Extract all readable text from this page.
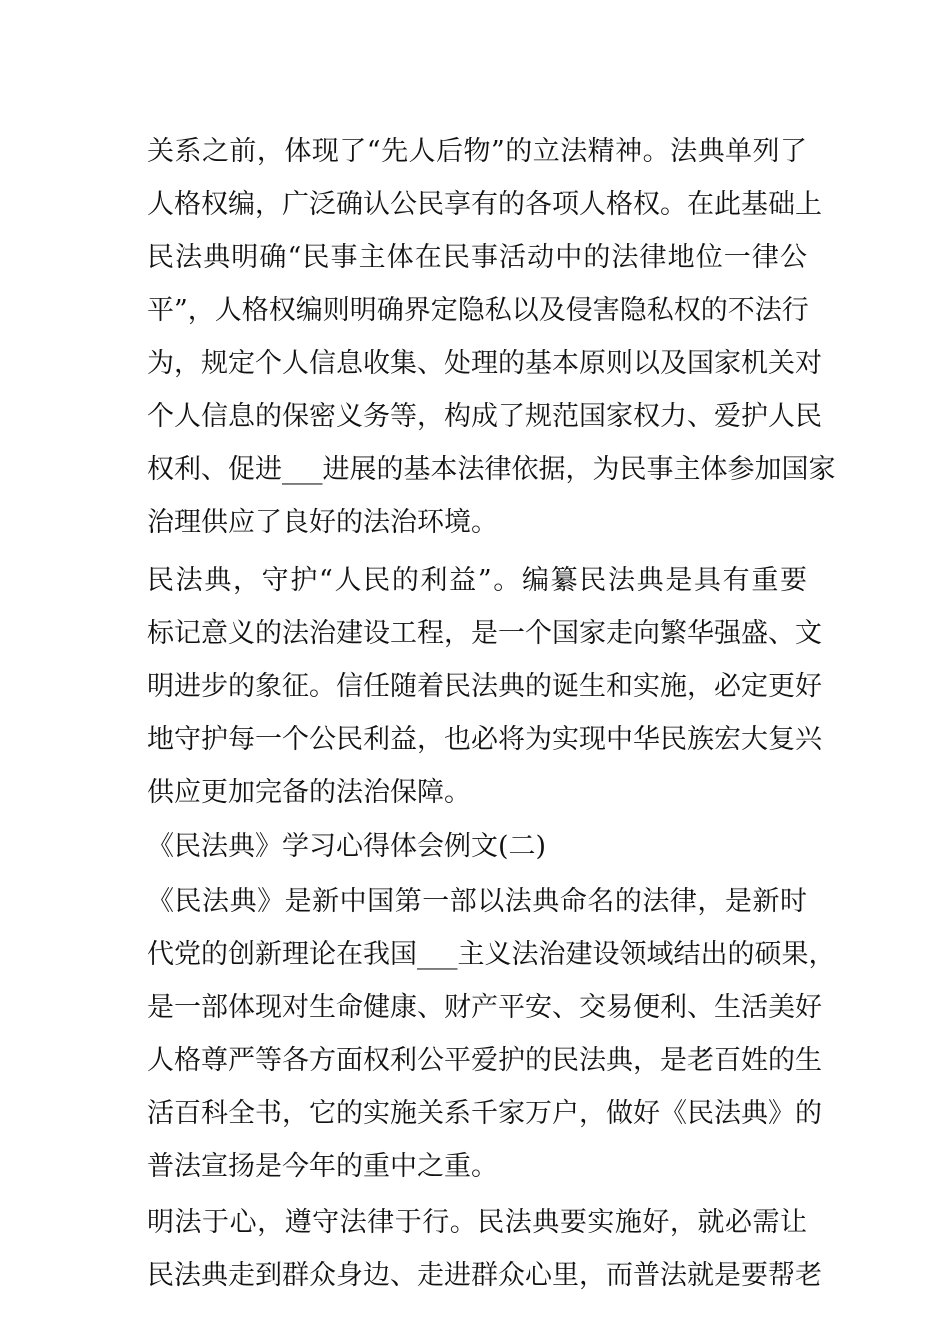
关系之前，体现了“先人后物”的立法精神。法典单列了
人格权编，广泛确认公民享有的各项人格权。在此基础上
民法典明确“民事主体在民事活动中的法律地位一律公
平”，人格权编则明确界定隐私以及侵害隐私权的不法行
为，规定个人信息收集、处理的基本原则以及国家机关对
个人信息的保密义务等，构成了规范国家权力、爱护人民
权利、促进___进展的基本法律依据，为民事主体参加国家
治理供应了良好的法治环境。
民法典，守护“人民的利益”。编纂民法典是具有重要
标记意义的法治建设工程，是一个国家走向繁华强盛、文
明进步的象征。信任随着民法典的诞生和实施，必定更好
地守护每一个公民利益，也必将为实现中华民族宏大复兴
供应更加完备的法治保障。
《民法典》学习心得体会例文(二)
《民法典》是新中国第一部以法典命名的法律，是新时
代党的创新理论在我国___主义法治建设领域结出的硕果，
是一部体现对生命健康、财产平安、交易便利、生活美好
人格尊严等各方面权利公平爱护的民法典，是老百姓的生
活百科全书，它的实施关系千家万户，做好《民法典》的
普法宣扬是今年的重中之重。
明法于心，遵守法律于行。民法典要实施好，就必需让
民法典走到群众身边、走进群众心里，而普法就是要帮老
